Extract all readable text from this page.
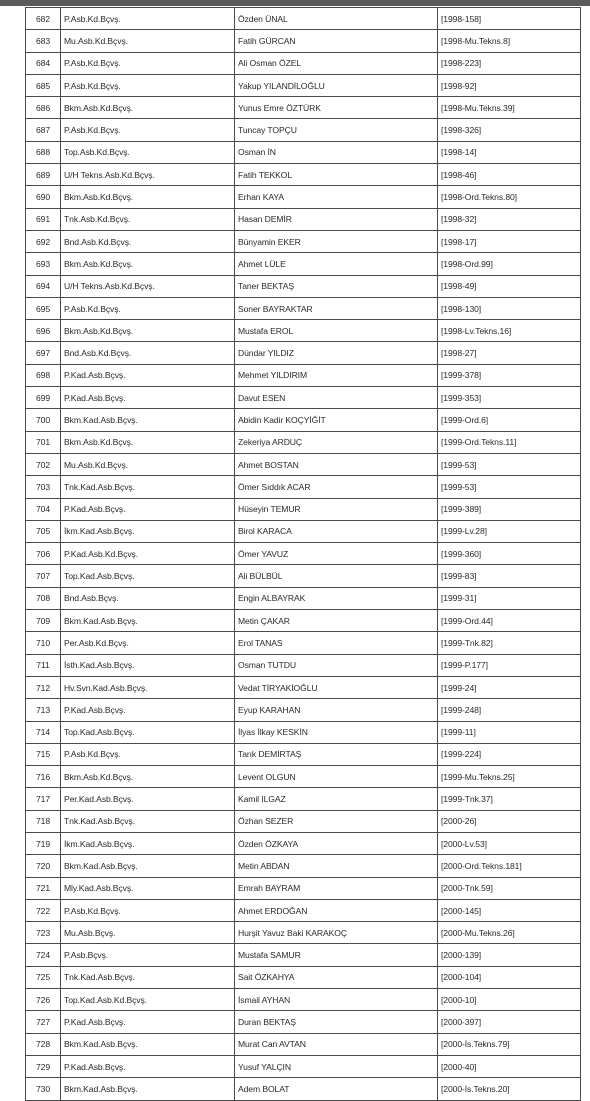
682	P.Asb.Kd.Bçvş.	Özden ÜNAL	[1998-158]
683	Mu.Asb.Kd.Bçvş.	Fatih GÜRCAN	[1998-Mu.Tekns.8]
684	P.Asb.Kd.Bçvş.	Ali Osman ÖZEL	[1998-223]
685	P.Asb.Kd.Bçvş.	Yakup YILANDİLOĞLU	[1998-92]
686	Bkm.Asb.Kd.Bçvş.	Yunus Emre ÖZTÜRK	[1998-Mu.Tekns.39]
687	P.Asb.Kd.Bçvş.	Tuncay TOPÇU	[1998-326]
688	Top.Asb.Kd.Bçvş.	Osman İN	[1998-14]
689	U/H Tekns.Asb.Kd.Bçvş.	Fatih TEKKOL	[1998-46]
690	Bkm.Asb.Kd.Bçvş.	Erhan KAYA	[1998-Ord.Tekns.80]
691	Tnk.Asb.Kd.Bçvş.	Hasan DEMİR	[1998-32]
692	Bnd.Asb.Kd.Bçvş.	Bünyamin EKER	[1998-17]
693	Bkm.Asb.Kd.Bçvş.	Ahmet LÜLE	[1998-Ord.99]
694	U/H Tekns.Asb.Kd.Bçvş.	Taner BEKTAŞ	[1998-49]
695	P.Asb.Kd.Bçvş.	Soner BAYRAKTAR	[1998-130]
696	Bkm.Asb.Kd.Bçvş.	Mustafa EROL	[1998-Lv.Tekns.16]
697	Bnd.Asb.Kd.Bçvş.	Dündar YILDIZ	[1998-27]
698	P.Kad.Asb.Bçvş.	Mehmet YILDIRIM	[1999-378]
699	P.Kad.Asb.Bçvş.	Davut ESEN	[1999-353]
700	Bkm.Kad.Asb.Bçvş.	Abidin Kadir KOÇYİĞİT	[1999-Ord.6]
701	Bkm.Asb.Kd.Bçvş.	Zekeriya ARDUÇ	[1999-Ord.Tekns.11]
702	Mu.Asb.Kd.Bçvş.	Ahmet BOSTAN	[1999-53]
703	Tnk.Kad.Asb.Bçvş.	Ömer Sıddık ACAR	[1999-53]
704	P.Kad.Asb.Bçvş.	Hüseyin TEMUR	[1999-389]
705	İkm.Kad.Asb.Bçvş.	Birol KARACA	[1999-Lv.28]
706	P.Kad.Asb.Kd.Bçvş.	Ömer YAVUZ	[1999-360]
707	Top.Kad.Asb.Bçvş.	Ali BÜLBÜL	[1999-83]
708	Bnd.Asb.Bçvş.	Engin ALBAYRAK	[1999-31]
709	Bkm.Kad.Asb.Bçvş.	Metin ÇAKAR	[1999-Ord.44]
710	Per.Asb.Kd.Bçvş.	Erol TANAS	[1999-Tnk.82]
711	İsth.Kad.Asb.Bçvş.	Osman TUTDU	[1999-P.177]
712	Hv.Svn.Kad.Asb.Bçvş.	Vedat TİRYAKİOĞLU	[1999-24]
713	P.Kad.Asb.Bçvş.	Eyup KARAHAN	[1999-248]
714	Top.Kad.Asb.Bçvş.	İlyas İlkay KESKİN	[1999-11]
715	P.Asb.Kd.Bçvş.	Tarık DEMİRTAŞ	[1999-224]
716	Bkm.Asb.Kd.Bçvş.	Levent OLGUN	[1999-Mu.Tekns.25]
717	Per.Kad.Asb.Bçvş.	Kamil ILGAZ	[1999-Tnk.37]
718	Tnk.Kad.Asb.Bçvş.	Özhan SEZER	[2000-26]
719	İkm.Kad.Asb.Bçvş.	Özden ÖZKAYA	[2000-Lv.53]
720	Bkm.Kad.Asb.Bçvş.	Metin ABDAN	[2000-Ord.Tekns.181]
721	Mly.Kad.Asb.Bçvş.	Emrah BAYRAM	[2000-Tnk.59]
722	P.Asb.Kd.Bçvş.	Ahmet ERDOĞAN	[2000-145]
723	Mu.Asb.Bçvş.	Hurşit Yavuz Baki KARAKOÇ	[2000-Mu.Tekns.26]
724	P.Asb.Bçvş.	Mustafa SAMUR	[2000-139]
725	Tnk.Kad.Asb.Bçvş.	Sait ÖZKAHYA	[2000-104]
726	Top.Kad.Asb.Kd.Bçvş.	İsmail AYHAN	[2000-10]
727	P.Kad.Asb.Bçvş.	Duran BEKTAŞ	[2000-397]
728	Bkm.Kad.Asb.Bçvş.	Murat Can AVTAN	[2000-İs.Tekns.79]
729	P.Kad.Asb.Bçvş.	Yusuf YALÇIN	[2000-40]
730	Bkm.Kad.Asb.Bçvş.	Adem BOLAT	[2000-İs.Tekns.20]
